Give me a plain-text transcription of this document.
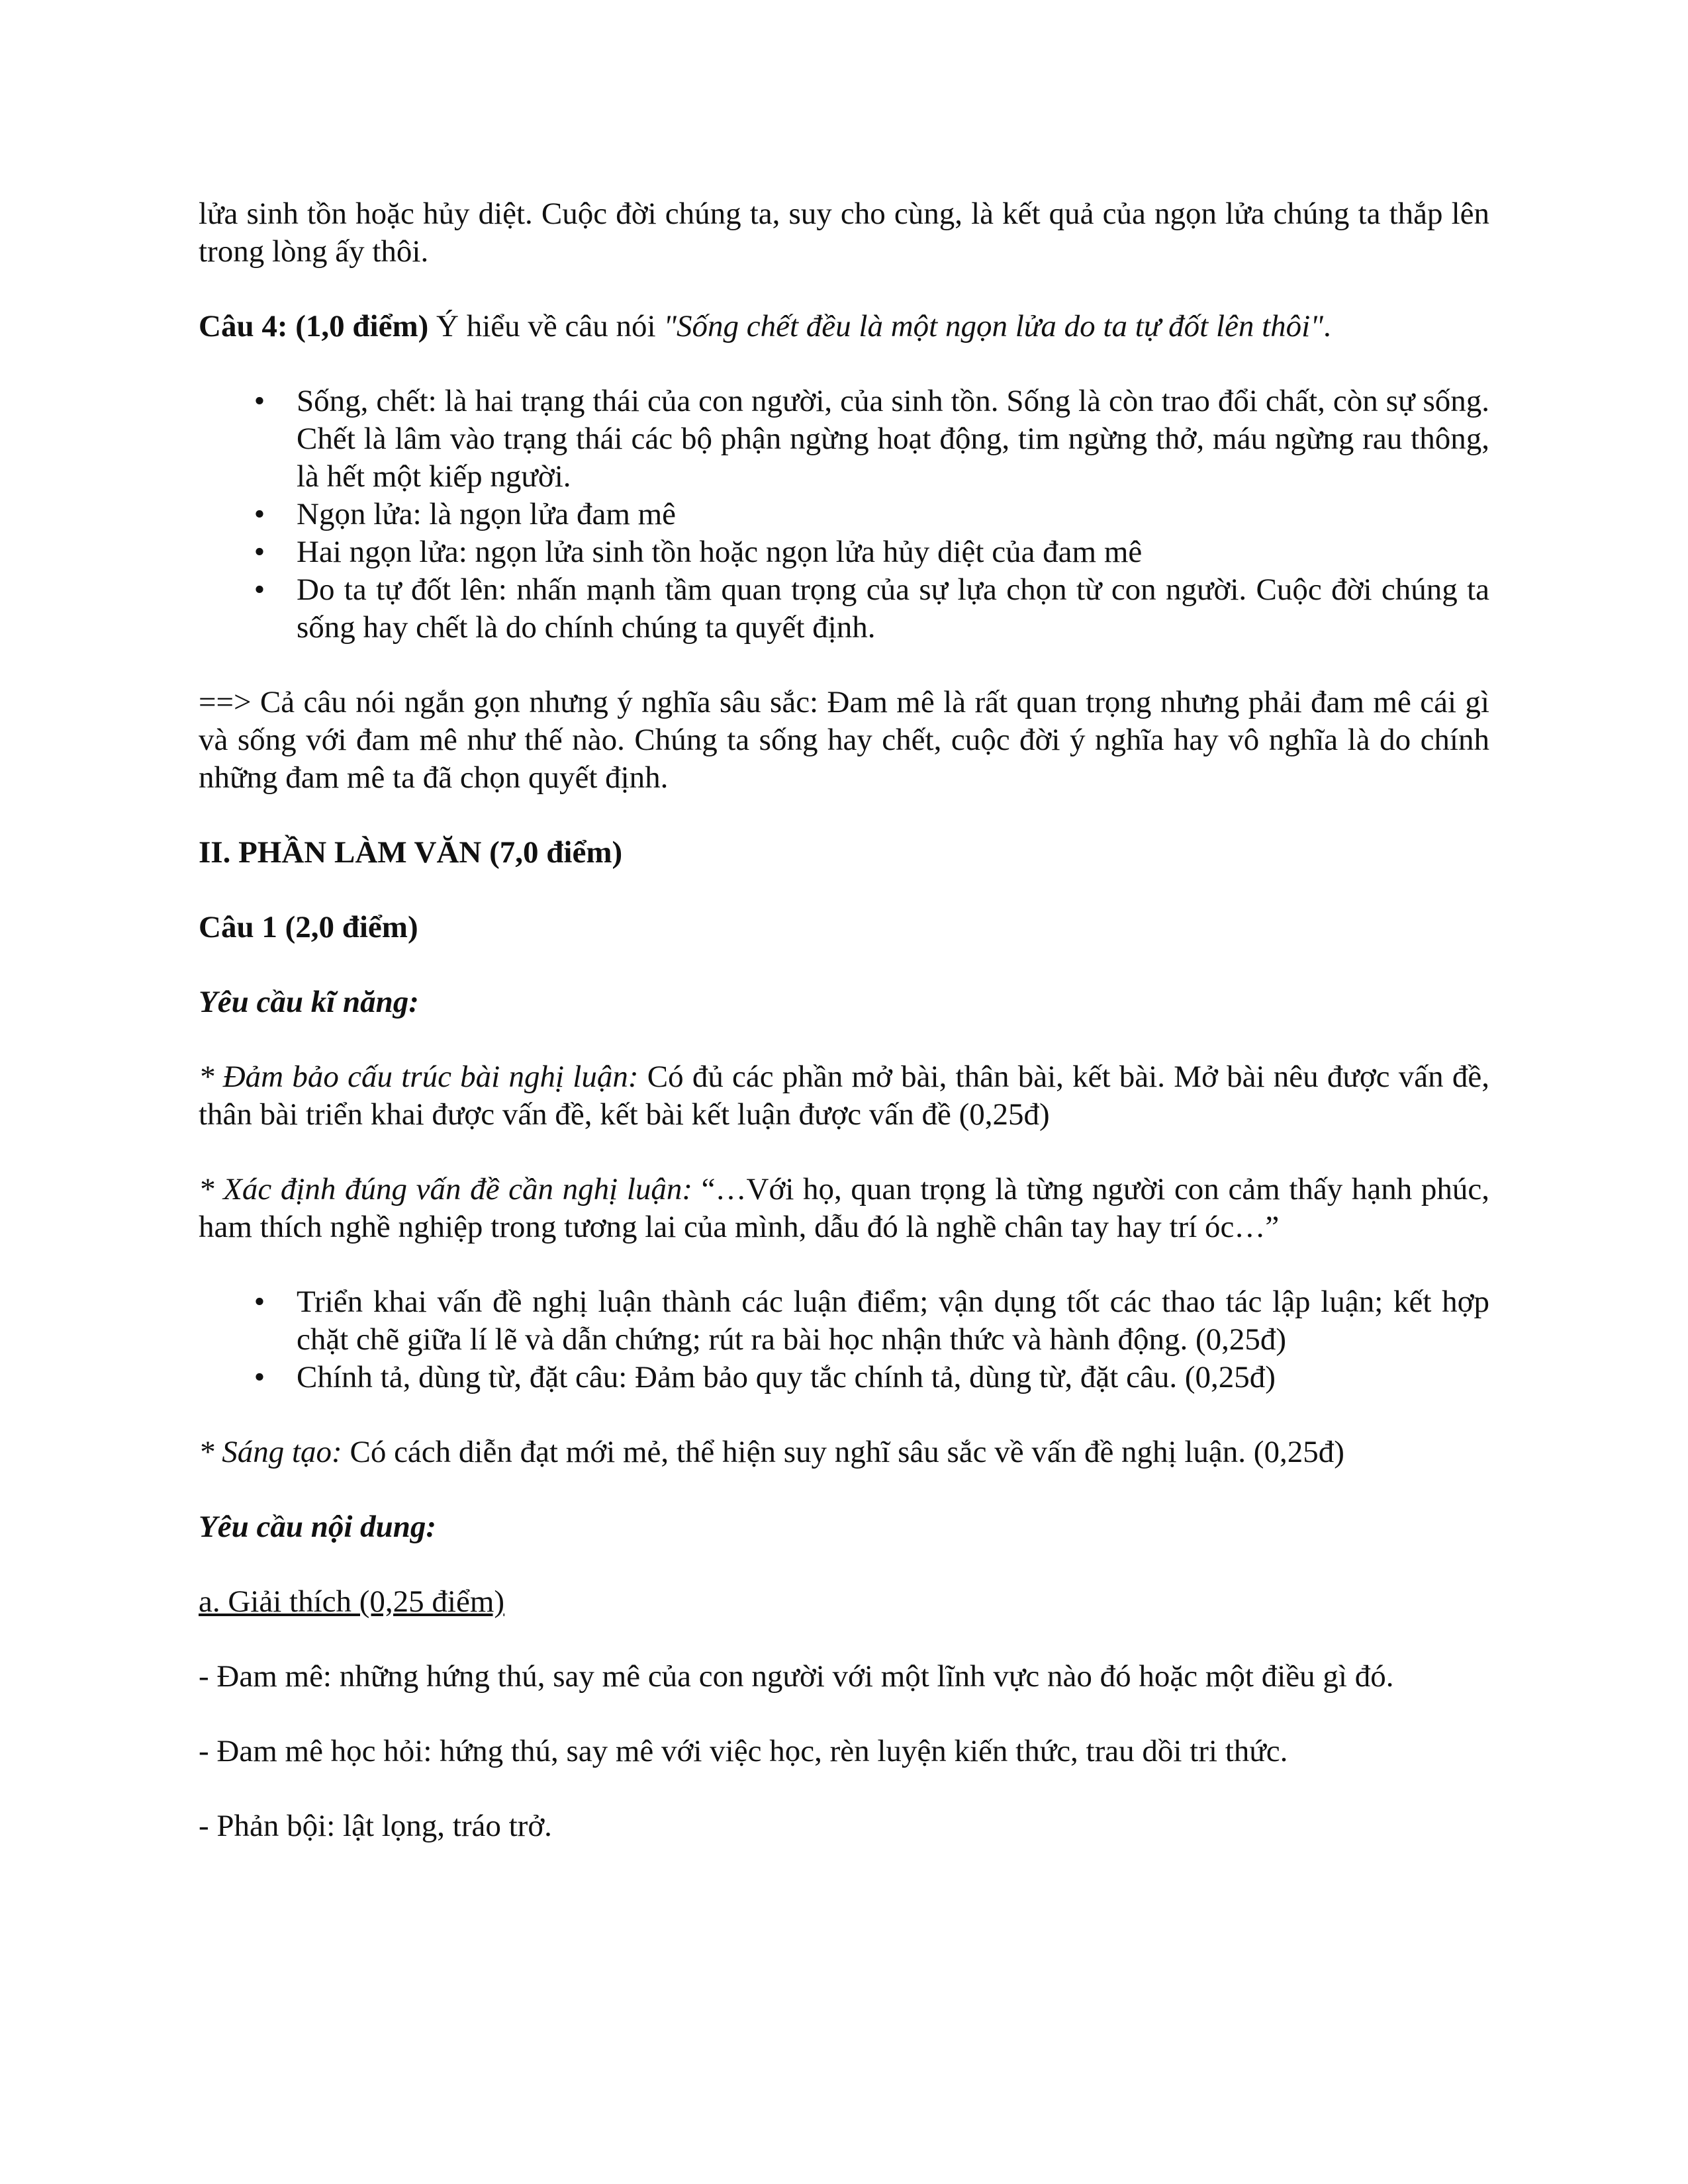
lửa sinh tồn hoặc hủy diệt. Cuộc đời chúng ta, suy cho cùng, là kết quả của ngọn lửa chúng ta thắp lên trong lòng ấy thôi.

Câu 4: (1,0 điểm) Ý hiểu về câu nói "Sống chết đều là một ngọn lửa do ta tự đốt lên thôi".

• Sống, chết: là hai trạng thái của con người, của sinh tồn. Sống là còn trao đổi chất, còn sự sống. Chết là lâm vào trạng thái các bộ phận ngừng hoạt động, tim ngừng thở, máu ngừng rau thông, là hết một kiếp người.
• Ngọn lửa: là ngọn lửa đam mê
• Hai ngọn lửa: ngọn lửa sinh tồn hoặc ngọn lửa hủy diệt của đam mê
• Do ta tự đốt lên: nhấn mạnh tầm quan trọng của sự lựa chọn từ con người. Cuộc đời chúng ta sống hay chết là do chính chúng ta quyết định.

==> Cả câu nói ngắn gọn nhưng ý nghĩa sâu sắc: Đam mê là rất quan trọng nhưng phải đam mê cái gì và sống với đam mê như thế nào. Chúng ta sống hay chết, cuộc đời ý nghĩa hay vô nghĩa là do chính những đam mê ta đã chọn quyết định.

II. PHẦN LÀM VĂN (7,0 điểm)

Câu 1 (2,0 điểm)

Yêu cầu kĩ năng:

* Đảm bảo cấu trúc bài nghị luận: Có đủ các phần mở bài, thân bài, kết bài. Mở bài nêu được vấn đề, thân bài triển khai được vấn đề, kết bài kết luận được vấn đề (0,25đ)

* Xác định đúng vấn đề cần nghị luận: “…Với họ, quan trọng là từng người con cảm thấy hạnh phúc, ham thích nghề nghiệp trong tương lai của mình, dẫu đó là nghề chân tay hay trí óc…”

• Triển khai vấn đề nghị luận thành các luận điểm; vận dụng tốt các thao tác lập luận; kết hợp chặt chẽ giữa lí lẽ và dẫn chứng; rút ra bài học nhận thức và hành động. (0,25đ)
• Chính tả, dùng từ, đặt câu: Đảm bảo quy tắc chính tả, dùng từ, đặt câu. (0,25đ)

* Sáng tạo: Có cách diễn đạt mới mẻ, thể hiện suy nghĩ sâu sắc về vấn đề nghị luận. (0,25đ)

Yêu cầu nội dung:

a. Giải thích (0,25 điểm)

- Đam mê: những hứng thú, say mê của con người với một lĩnh vực nào đó hoặc một điều gì đó.

- Đam mê học hỏi: hứng thú, say mê với việc học, rèn luyện kiến thức, trau dồi tri thức.

- Phản bội: lật lọng, tráo trở.
